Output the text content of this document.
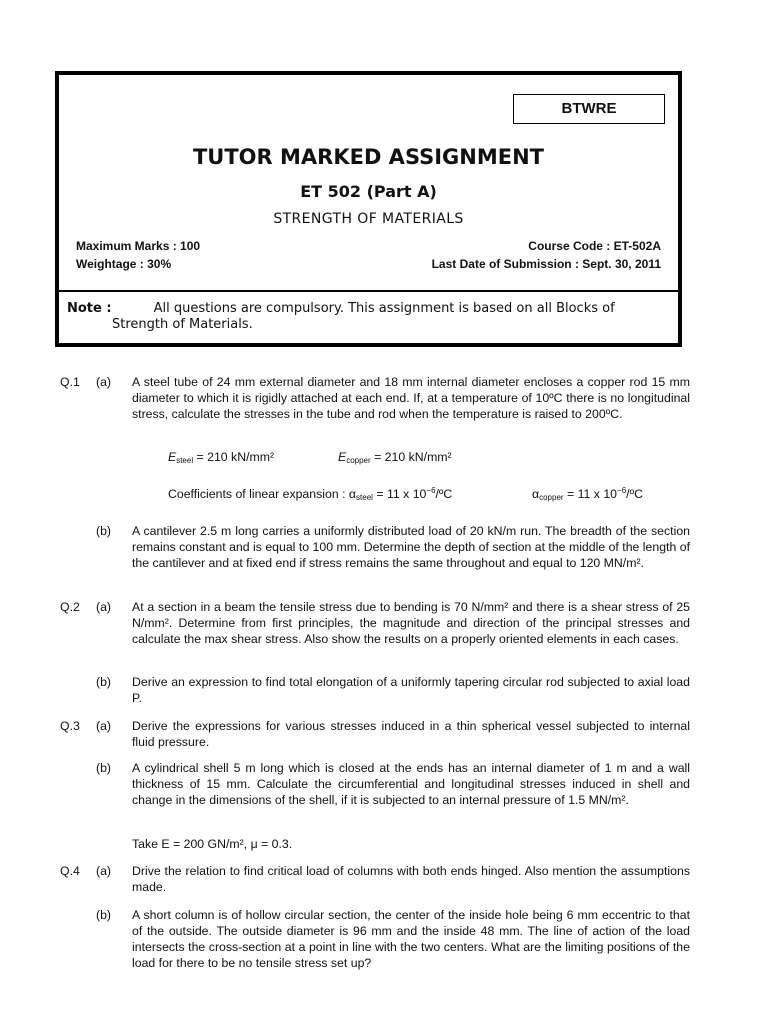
BTWRE
TUTOR MARKED ASSIGNMENT
ET 502 (Part A)
STRENGTH OF MATERIALS
Maximum Marks : 100
Weightage : 30%
Course Code : ET-502A
Last Date of Submission : Sept. 30, 2011
Note :	All questions are compulsory. This assignment is based on all Blocks of
Strength of Materials.
Q.1 (a) A steel tube of 24 mm external diameter and 18 mm internal diameter encloses a copper rod 15 mm diameter to which it is rigidly attached at each end. If, at a temperature of 10ºC there is no longitudinal stress, calculate the stresses in the tube and rod when the temperature is raised to 200ºC.
$E_{steel} = 210$ kN/mm²	$E_{copper} = 210$ kN/mm²
Coefficients of linear expansion : $\alpha_{steel} = 11$ x $10^{-6}/ºC$	$\alpha_{copper} = 11$ x $10^{-6}/ºC$
(b) A cantilever 2.5 m long carries a uniformly distributed load of 20 kN/m run. The breadth of the section remains constant and is equal to 100 mm. Determine the depth of section at the middle of the length of the cantilever and at fixed end if stress remains the same throughout and equal to 120 MN/m².
Q.2 (a) At a section in a beam the tensile stress due to bending is 70 N/mm² and there is a shear stress of 25 N/mm². Determine from first principles, the magnitude and direction of the principal stresses and calculate the max shear stress. Also show the results on a properly oriented elements in each cases.
(b) Derive an expression to find total elongation of a uniformly tapering circular rod subjected to axial load P.
Q.3 (a) Derive the expressions for various stresses induced in a thin spherical vessel subjected to internal fluid pressure.
(b) A cylindrical shell 5 m long which is closed at the ends has an internal diameter of 1 m and a wall thickness of 15 mm. Calculate the circumferential and longitudinal stresses induced in shell and change in the dimensions of the shell, if it is subjected to an internal pressure of 1.5 MN/m².
Take E = 200 GN/m², μ = 0.3.
Q.4 (a) Drive the relation to find critical load of columns with both ends hinged. Also mention the assumptions made.
(b) A short column is of hollow circular section, the center of the inside hole being 6 mm eccentric to that of the outside. The outside diameter is 96 mm and the inside 48 mm. The line of action of the load intersects the cross-section at a point in line with the two centers. What are the limiting positions of the load for there to be no tensile stress set up?
